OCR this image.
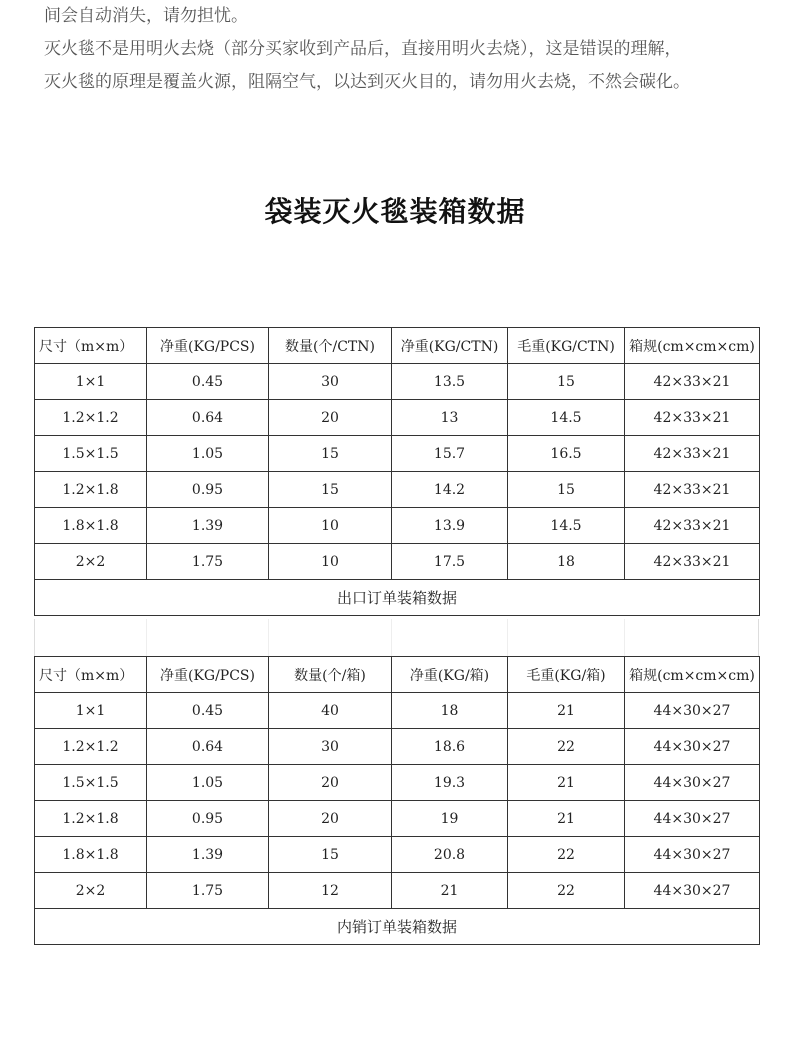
间会自动消失，请勿担忧。

灭火毯不是用明火去烧（部分买家收到产品后，直接用明火去烧），这是错误的理解，

灭火毯的原理是覆盖火源，阻隔空气，以达到灭火目的，请勿用火去烧，不然会碳化。

袋装灭火毯装箱数据
尺寸（m×m）	净重(KG/PCS)	数量(个/CTN)	净重(KG/CTN)	毛重(KG/CTN)	箱规(cm×cm×cm)
1×1	0.45	30	13.5	15	42×33×21
1.2×1.2	0.64	20	13	14.5	42×33×21
1.5×1.5	1.05	15	15.7	16.5	42×33×21
1.2×1.8	0.95	15	14.2	15	42×33×21
1.8×1.8	1.39	10	13.9	14.5	42×33×21
2×2	1.75	10	17.5	18	42×33×21
出口订单装箱数据					
尺寸（m×m）	净重(KG/PCS)	数量(个/箱)	净重(KG/箱)	毛重(KG/箱)	箱规(cm×cm×cm)
1×1	0.45	40	18	21	44×30×27
1.2×1.2	0.64	30	18.6	22	44×30×27
1.5×1.5	1.05	20	19.3	21	44×30×27
1.2×1.8	0.95	20	19	21	44×30×27
1.8×1.8	1.39	15	20.8	22	44×30×27
2×2	1.75	12	21	22	44×30×27
内销订单装箱数据					
